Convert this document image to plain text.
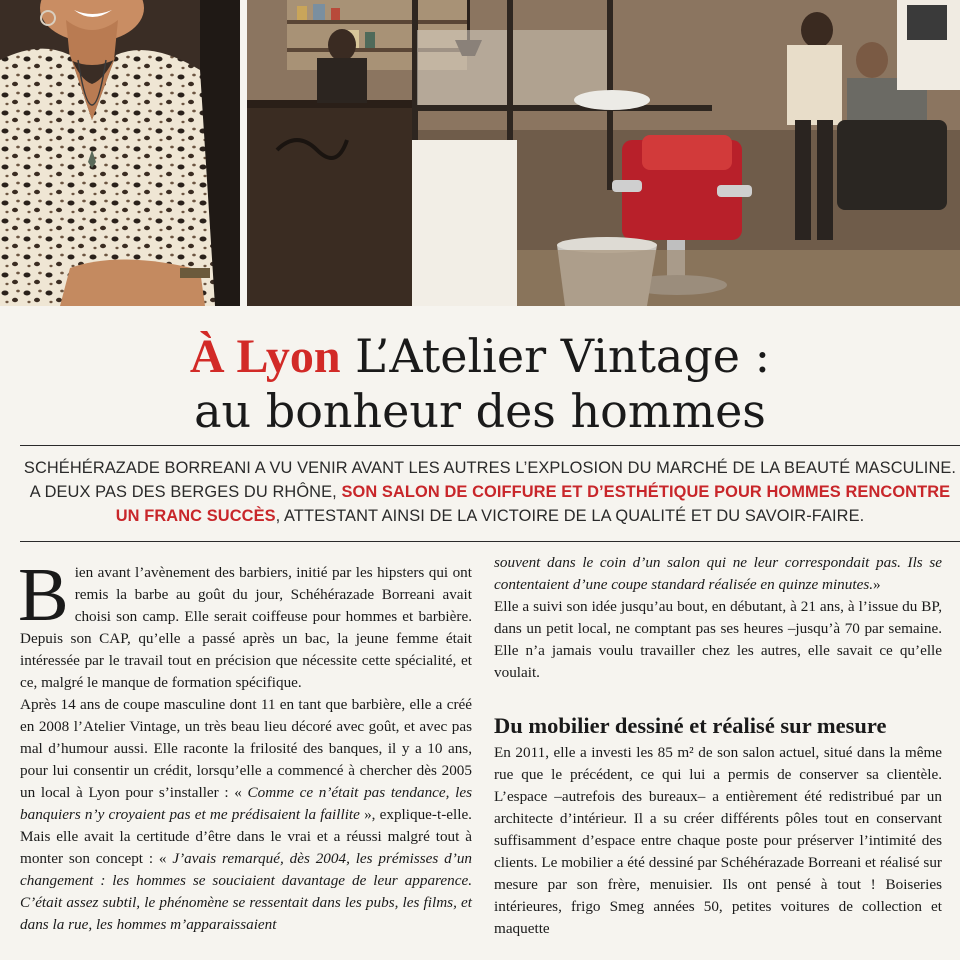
À Lyon L’Atelier Vintage :
au bonheur des hommes
SCHÉHÉRAZADE BORREANI A VU VENIR AVANT LES AUTRES L’EXPLOSION DU MARCHÉ DE LA BEAUTÉ MASCULINE.
A DEUX PAS DES BERGES DU RHÔNE, SON SALON DE COIFFURE ET D’ESTHÉTIQUE POUR HOMMES RENCONTRE
UN FRANC SUCCÈS, ATTESTANT AINSI DE LA VICTOIRE DE LA QUALITÉ ET DU SAVOIR-FAIRE.

Bien avant l’avènement des barbiers, initié par les hipsters qui ont remis la barbe au goût du jour, Schéhérazade Borreani avait choisi son camp. Elle serait coiffeuse pour hommes et barbière. Depuis son CAP, qu’elle a passé après un bac, la jeune femme était intéressée par le travail tout en précision que nécessite cette spécialité, et ce, malgré le manque de formation spécifique.

Après 14 ans de coupe masculine dont 11 en tant que barbière, elle a créé en 2008 l’Atelier Vintage, un très beau lieu décoré avec goût, et avec pas mal d’humour aussi. Elle raconte la frilosité des banques, il y a 10 ans, pour lui consentir un crédit, lorsqu’elle a commencé à chercher dès 2005 un local à Lyon pour s’installer : « Comme ce n’était pas tendance, les banquiers n’y croyaient pas et me prédisaient la faillite », explique-t-elle. Mais elle avait la certitude d’être dans le vrai et a réussi malgré tout à monter son concept : « J’avais remarqué, dès 2004, les prémisses d’un changement : les hommes se souciaient davantage de leur apparence. C’était assez subtil, le phénomène se ressentait dans les pubs, les films, et dans la rue, les hommes m’apparaissaient

souvent dans le coin d’un salon qui ne leur correspondait pas. Ils se contentaient d’une coupe standard réalisée en quinze minutes.»

Elle a suivi son idée jusqu’au bout, en débutant, à 21 ans, à l’issue du BP, dans un petit local, ne comptant pas ses heures –jusqu’à 70 par semaine. Elle n’a jamais voulu travailler chez les autres, elle savait ce qu’elle voulait.

Du mobilier dessiné et réalisé sur mesure

En 2011, elle a investi les 85 m² de son salon actuel, situé dans la même rue que le précédent, ce qui lui a permis de conserver sa clientèle. L’espace –autrefois des bureaux– a entièrement été redistribué par un architecte d’intérieur. Il a su créer différents pôles tout en conservant suffisamment d’espace entre chaque poste pour préserver l’intimité des clients. Le mobilier a été dessiné par Schéhérazade Borreani et réalisé sur mesure par son frère, menuisier. Ils ont pensé à tout ! Boiseries intérieures, frigo Smeg années 50, petites voitures de collection et maquette
